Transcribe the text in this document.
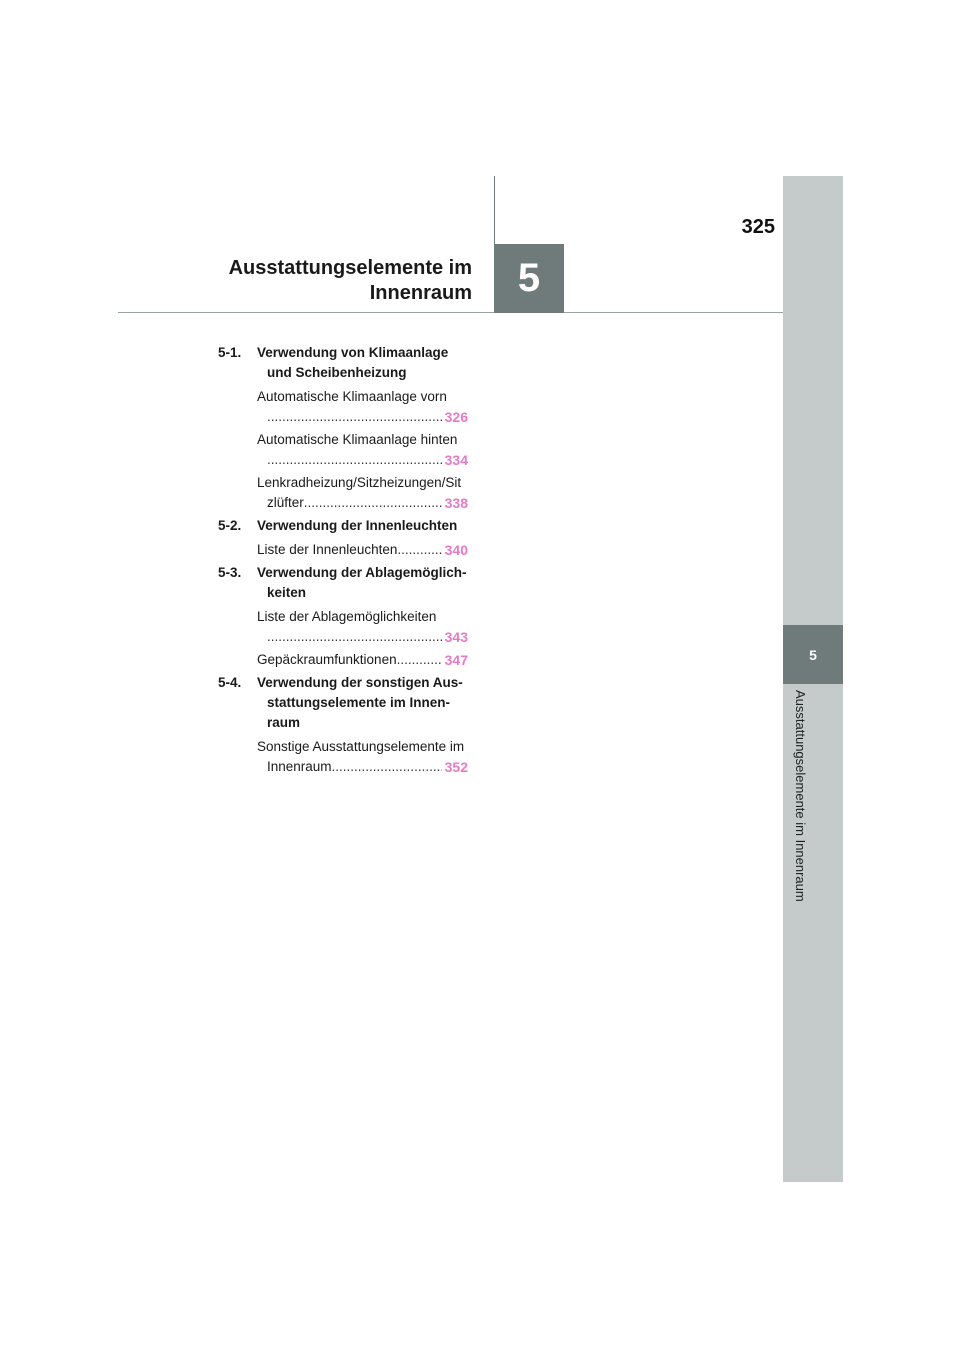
5
Ausstattungselemente im Innenraum
325
5
Ausstattungselemente im
Innenraum
5-1. Verwendung von Klimaanlage
und Scheibenheizung
Automatische Klimaanlage vorn
.....
326
Automatische Klimaanlage hinten
.....
334
Lenkradheizung/Sitzheizungen/Sit
zlüfter .....	338
5-2. Verwendung der Innenleuchten
Liste der Innenleuchten .....	340
5-3. Verwendung der Ablagemöglich-
keiten
Liste der Ablagemöglichkeiten
.....
343
Gepäckraumfunktionen .....	347
5-4. Verwendung der sonstigen Aus-
stattungselemente im Innen-
raum
Sonstige Ausstattungselemente im
Innenraum .....	352
